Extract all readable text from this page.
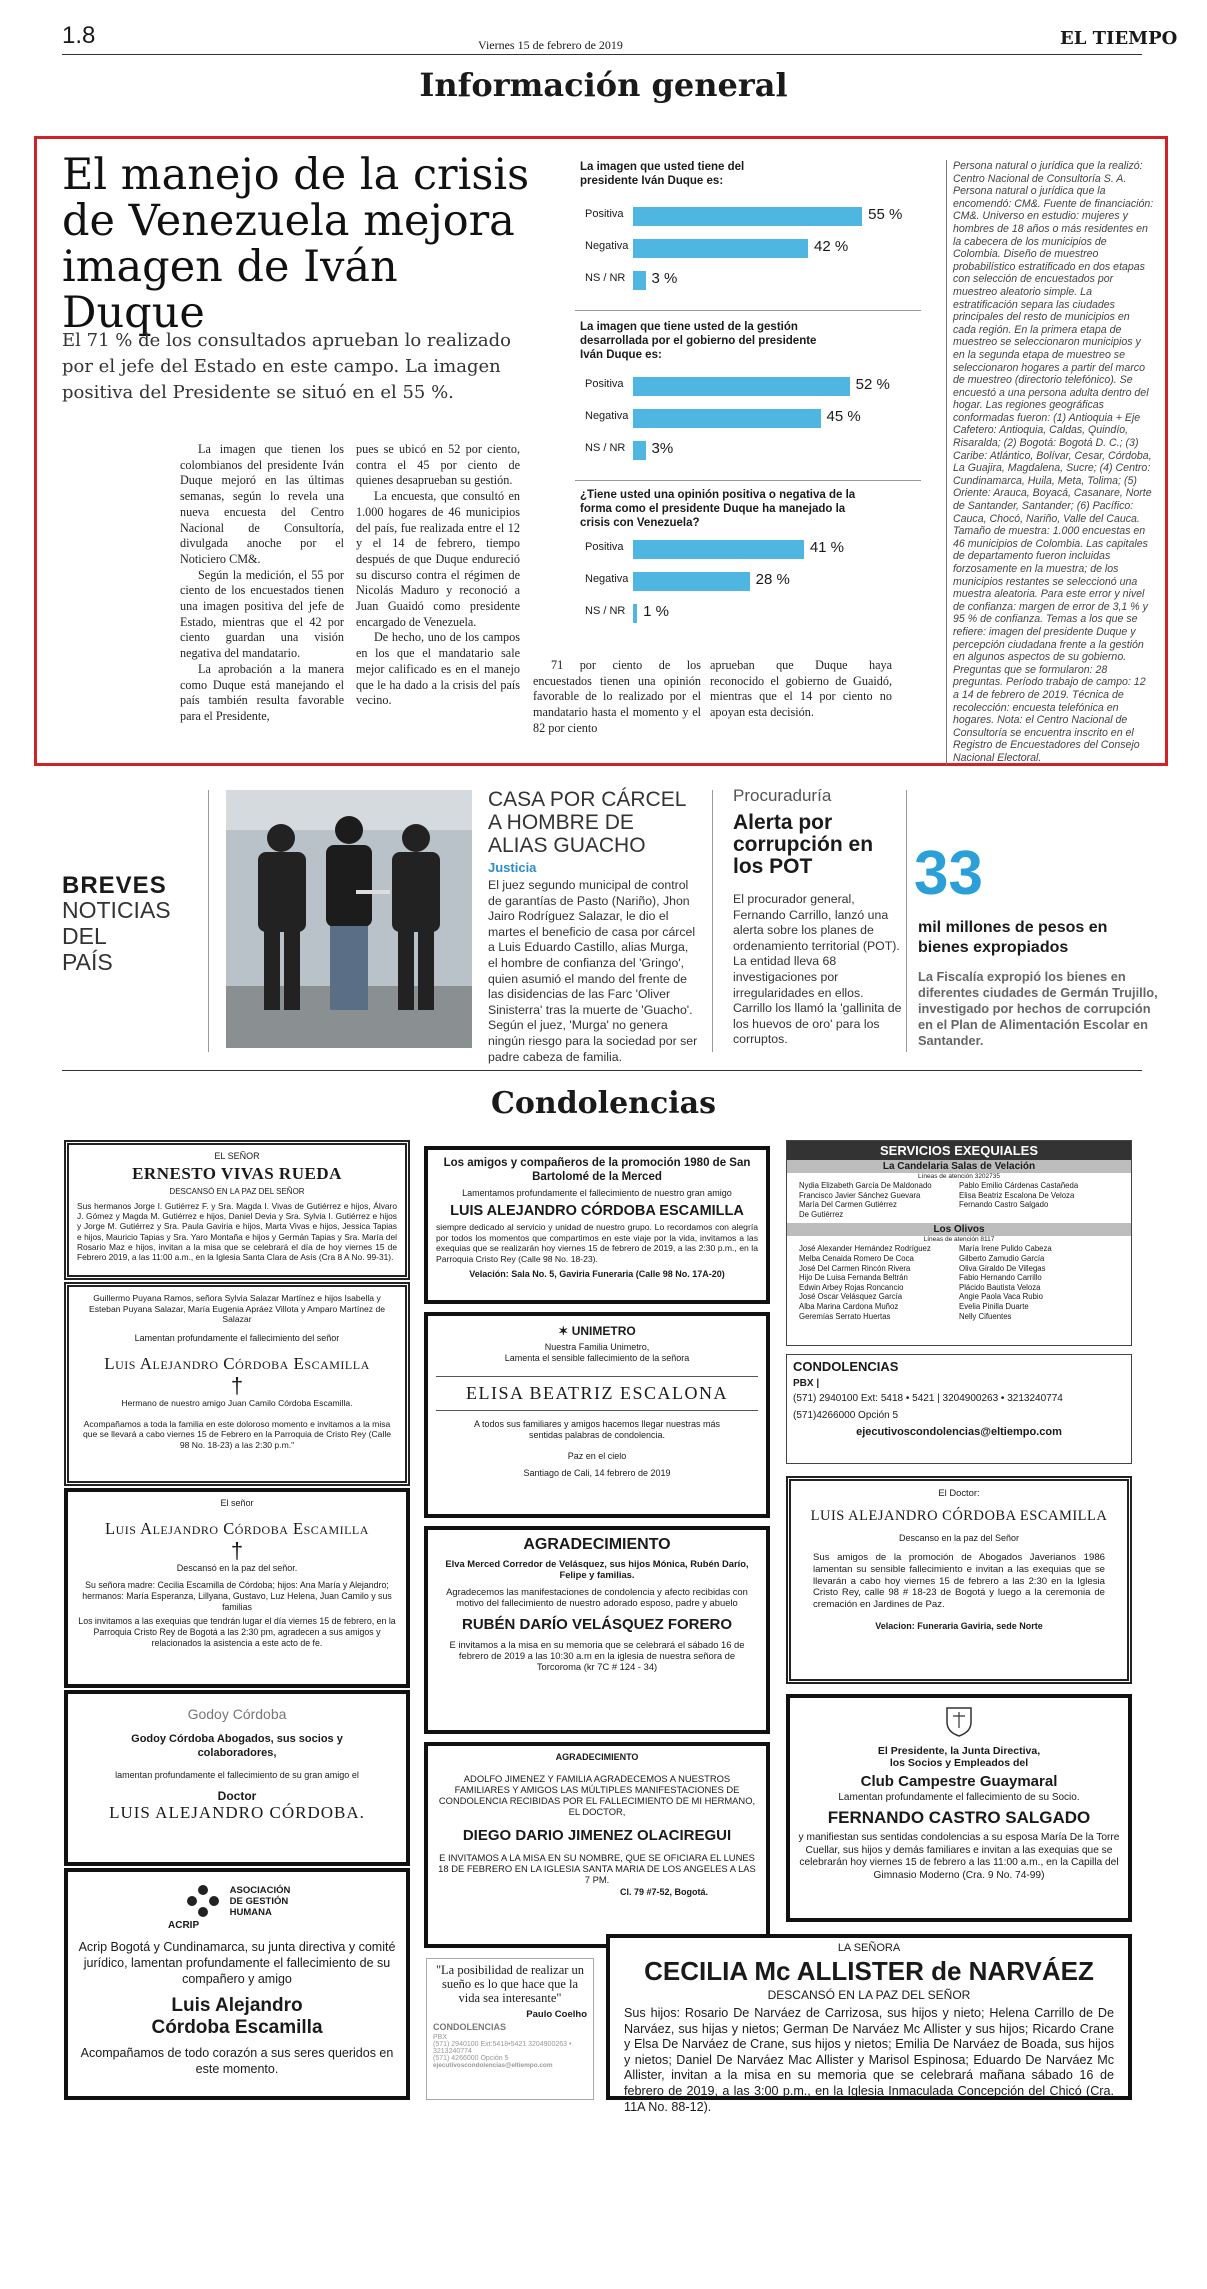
1.8	Viernes 15 de febrero de 2019	EL TIEMPO
Información general
El manejo de la crisis de Venezuela mejora imagen de Iván Duque
El 71 % de los consultados aprueban lo realizado por el jefe del Estado en este campo. La imagen positiva del Presidente se situó en el 55 %.

La imagen que tienen los colombianos del presidente Iván Duque mejoró en las últimas semanas, según lo revela una nueva encuesta del Centro Nacional de Consultoría, divulgada anoche por el Noticiero CM&.

Según la medición, el 55 por ciento de los encuestados tienen una imagen positiva del jefe de Estado, mientras que el 42 por ciento guardan una visión negativa del mandatario.

La aprobación a la manera como Duque está manejando el país también resulta favorable para el Presidente,

pues se ubicó en 52 por ciento, contra el 45 por ciento de quienes desaprueban su gestión.

La encuesta, que consultó en 1.000 hogares de 46 municipios del país, fue realizada entre el 12 y el 14 de febrero, tiempo después de que Duque endureció su discurso contra el régimen de Nicolás Maduro y reconoció a Juan Guaidó como presidente encargado de Venezuela.

De hecho, uno de los campos en los que el mandatario sale mejor calificado es en el manejo que le ha dado a la crisis del país vecino.

71 por ciento de los encuestados tienen una opinión favorable de lo realizado por el mandatario hasta el momento y el 82 por ciento

aprueban que Duque haya reconocido el gobierno de Guaidó, mientras que el 14 por ciento no apoyan esta decisión.

La imagen que usted tiene del presidente Iván Duque es:
Positiva	55 %
Negativa	42 %
NS / NR 3 %
La imagen que tiene usted de la gestión desarrollada por el gobierno del presidente Iván Duque es:
Positiva	52 %
Negativa	45 %
NS / NR 3%
¿Tiene usted una opinión positiva o negativa de la forma como el presidente Duque ha manejado la crisis con Venezuela?
Positiva	41 %
Negativa	28 %
NS / NR 1 %
Persona natural o jurídica que la realizó: Centro Nacional de Consultoría S. A. Persona natural o jurídica que la encomendó: CM&. Fuente de financiación: CM&. Universo en estudio: mujeres y hombres de 18 años o más residentes en la cabecera de los municipios de Colombia. Diseño de muestreo probabilístico estratificado en dos etapas con selección de encuestados por muestreo aleatorio simple. La estratificación separa las ciudades principales del resto de municipios en cada región. En la primera etapa de muestreo se seleccionaron municipios y en la segunda etapa de muestreo se seleccionaron hogares a partir del marco de muestreo (directorio telefónico). Se encuestó a una persona adulta dentro del hogar. Las regiones geográficas conformadas fueron: (1) Antioquia + Eje Cafetero: Antioquia, Caldas, Quindío, Risaralda; (2) Bogotá: Bogotá D. C.; (3) Caribe: Atlántico, Bolívar, Cesar, Córdoba, La Guajira, Magdalena, Sucre; (4) Centro: Cundinamarca, Huila, Meta, Tolima; (5) Oriente: Arauca, Boyacá, Casanare, Norte de Santander, Santander; (6) Pacífico: Cauca, Chocó, Nariño, Valle del Cauca. Tamaño de muestra: 1.000 encuestas en 46 municipios de Colombia. Las capitales de departamento fueron incluidas forzosamente en la muestra; de los municipios restantes se seleccionó una muestra aleatoria. Para este error y nivel de confianza: margen de error de 3,1 % y 95 % de confianza. Temas a los que se refiere: imagen del presidente Duque y percepción ciudadana frente a la gestión en algunos aspectos de su gobierno. Preguntas que se formularon: 28 preguntas. Período trabajo de campo: 12 a 14 de febrero de 2019. Técnica de recolección: encuesta telefónica en hogares. Nota: el Centro Nacional de Consultoría se encuentra inscrito en el Registro de Encuestadores del Consejo Nacional Electoral.
BREVES
NOTICIAS DEL PAÍS
CASA POR CÁRCEL A HOMBRE DE ALIAS GUACHO
Justicia
El juez segundo municipal de control de garantías de Pasto (Nariño), Jhon Jairo Rodríguez Salazar, le dio el martes el beneficio de casa por cárcel a Luis Eduardo Castillo, alias Murga, el hombre de confianza del 'Gringo', quien asumió el mando del frente de las disidencias de las Farc 'Oliver Sinisterra' tras la muerte de 'Guacho'. Según el juez, 'Murga' no genera ningún riesgo para la sociedad por ser padre cabeza de familia.
Procuraduría
Alerta por corrupción en los POT
El procurador general, Fernando Carrillo, lanzó una alerta sobre los planes de ordenamiento territorial (POT). La entidad lleva 68 investigaciones por irregularidades en ellos. Carrillo los llamó la 'gallinita de los huevos de oro' para los corruptos.
33
mil millones de pesos en bienes expropiados
La Fiscalía expropió los bienes en diferentes ciudades de Germán Trujillo, investigado por hechos de corrupción en el Plan de Alimentación Escolar en Santander.
Condolencias
EL SEÑOR
ERNESTO VIVAS RUEDA
DESCANSÓ EN LA PAZ DEL SEÑOR
Sus hermanos Jorge I. Gutiérrez F. y Sra. Magda I. Vivas de Gutiérrez e hijos, Álvaro J. Gómez y Magda M. Gutiérrez e hijos, Daniel Devia y Sra. Sylvia I. Gutiérrez e hijos y Jorge M. Gutiérrez y Sra. Paula Gaviria e hijos, Marta Vivas e hijos, Jessica Tapias e hijos, Mauricio Tapias y Sra. Yaro Montaña e hijos y Germán Tapias y Sra. María del Rosario Maz e hijos, invitan a la misa que se celebrará el día de hoy viernes 15 de Febrero 2019, a las 11:00 a.m., en la Iglesia Santa Clara de Asís (Cra 8 A No. 99-31).
Guillermo Puyana Ramos, señora Sylvia Salazar Martínez e hijos Isabella y Esteban Puyana Salazar, María Eugenia Apráez Villota y Amparo Martínez de Salazar
Lamentan profundamente el fallecimiento del señor
Luis Alejandro Córdoba Escamilla
†
Hermano de nuestro amigo Juan Camilo Córdoba Escamilla.
Acompañamos a toda la familia en este doloroso momento e invitamos a la misa que se llevará a cabo viernes 15 de Febrero en la Parroquia de Cristo Rey (Calle 98 No. 18-23) a las 2:30 p.m."
El señor
Luis Alejandro Córdoba Escamilla
†
Descansó en la paz del señor.
Su señora madre: Cecilia Escamilla de Córdoba; hijos: Ana María y Alejandro; hermanos: María Esperanza, Lillyana, Gustavo, Luz Helena, Juan Camilo y sus familias
Los invitamos a las exequias que tendrán lugar el día viernes 15 de febrero, en la Parroquia Cristo Rey de Bogotá a las 2:30 pm, agradecen a sus amigos y relacionados la asistencia a este acto de fe.
Godoy Córdoba
Godoy Córdoba Abogados, sus socios y colaboradores,
lamentan profundamente el fallecimiento de su gran amigo el
Doctor
LUIS ALEJANDRO CÓRDOBA.
ASOCIACIÓN
DE GESTIÓN
HUMANA
ACRIP
Acrip Bogotá y Cundinamarca, su junta directiva y comité jurídico, lamentan profundamente el fallecimiento de su compañero y amigo
Luis Alejandro
Córdoba Escamilla
Acompañamos de todo corazón a sus seres queridos en este momento.
Los amigos y compañeros de la promoción 1980 de San Bartolomé de la Merced
Lamentamos profundamente el fallecimiento de nuestro gran amigo
LUIS ALEJANDRO CÓRDOBA ESCAMILLA
siempre dedicado al servicio y unidad de nuestro grupo. Lo recordamos con alegría por todos los momentos que compartimos en este viaje por la vida, invitamos a las exequias que se realizarán hoy viernes 15 de febrero de 2019, a las 2:30 p.m., en la Parroquia Cristo Rey (Calle 98 No. 18-23).
Velación: Sala No. 5, Gaviria Funeraria (Calle 98 No. 17A-20)
✶ UNIMETRO
Nuestra Familia Unimetro,
Lamenta el sensible fallecimiento de la señora
ELISA BEATRIZ ESCALONA
A todos sus familiares y amigos hacemos llegar nuestras más sentidas palabras de condolencia.
Paz en el cielo
Santiago de Cali, 14 febrero de 2019
AGRADECIMIENTO
Elva Merced Corredor de Velásquez, sus hijos Mónica, Rubén Darío, Felipe y familias.
Agradecemos las manifestaciones de condolencia y afecto recibidas con motivo del fallecimiento de nuestro adorado esposo, padre y abuelo
RUBÉN DARÍO VELÁSQUEZ FORERO
E invitamos a la misa en su memoria que se celebrará el sábado 16 de febrero de 2019 a las 10:30 a.m en la iglesia de nuestra señora de Torcoroma (kr 7C # 124 - 34)
AGRADECIMIENTO
ADOLFO JIMENEZ Y FAMILIA AGRADECEMOS A NUESTROS FAMILIARES Y AMIGOS LAS MÚLTIPLES MANIFESTACIONES DE CONDOLENCIA RECIBIDAS POR EL FALLECIMIENTO DE MI HERMANO, EL DOCTOR,
DIEGO DARIO JIMENEZ OLACIREGUI
E INVITAMOS A LA MISA EN SU NOMBRE, QUE SE OFICIARA EL LUNES 18 DE FEBRERO EN LA IGLESIA SANTA MARIA DE LOS ANGELES A LAS 7 PM.
Cl. 79 #7-52, Bogotá.
"La posibilidad de realizar un sueño es lo que hace que la vida sea interesante"
Paulo Coelho
CONDOLENCIAS
PBX
(571) 2940100 Ext:5418•5421 3204900263 • 3213240774
(571) 4266000 Opción 5
ejecutivoscondolencias@eltiempo.com
SERVICIOS EXEQUIALES
La Candelaria Salas de Velación
Líneas de atención 3202735
Nydia Elizabeth García De Maldonado
Francisco Javier Sánchez Guevara
María Del Carmen Gutiérrez
De Gutiérrez
Pablo Emilio Cárdenas Castañeda
Elisa Beatriz Escalona De Veloza
Fernando Castro Salgado
Los Olivos
Líneas de atención 8117
José Alexander Hernández Rodríguez
Melba Cenaida Romero De Coca
José Del Carmen Rincón Rivera
Hijo De Luisa Fernanda Beltrán
Edwin Arbey Rojas Roncancio
José Oscar Velásquez García
Alba Marina Cardona Muñoz
Geremías Serrato Huertas
María Irene Pulido Cabeza
Gilberto Zamudio García
Oliva Giraldo De Villegas
Fabio Hernando Carrillo
Plácido Bautista Veloza
Angie Paola Vaca Rubio
Evelia Pinilla Duarte
Nelly Cifuentes
CONDOLENCIAS
PBX |
(571) 2940100 Ext: 5418 • 5421 | 3204900263 • 3213240774
(571)4266000 Opción 5
ejecutivoscondolencias@eltiempo.com
El Doctor:
LUIS ALEJANDRO CÓRDOBA ESCAMILLA
Descanso en la paz del Señor
Sus amigos de la promoción de Abogados Javerianos 1986 lamentan su sensible fallecimiento e invitan a las exequias que se llevarán a cabo hoy viernes 15 de febrero a las 2:30 en la Iglesia Cristo Rey, calle 98 # 18-23 de Bogotá y luego a la ceremonia de cremación en Jardines de Paz.
Velacion: Funeraria Gaviria, sede Norte
El Presidente, la Junta Directiva,
los Socios y Empleados del
Club Campestre Guaymaral
Lamentan profundamente el fallecimiento de su Socio.
FERNANDO CASTRO SALGADO
y manifiestan sus sentidas condolencias a su esposa María De la Torre Cuellar, sus hijos y demás familiares e invitan a las exequias que se celebrarán hoy viernes 15 de febrero a las 11:00 a.m., en la Capilla del Gimnasio Moderno (Cra. 9 No. 74-99)
LA SEÑORA
CECILIA Mc ALLISTER de NARVÁEZ
DESCANSÓ EN LA PAZ DEL SEÑOR
Sus hijos: Rosario De Narváez de Carrizosa, sus hijos y nieto; Helena Carrillo de De Narváez, sus hijas y nietos; German De Narváez Mc Allister y sus hijos; Ricardo Crane y Elsa De Narváez de Crane, sus hijos y nietos; Emilia De Narváez de Boada, sus hijos y nietos; Daniel De Narváez Mac Allister y Marisol Espinosa; Eduardo De Narváez Mc Allister, invitan a la misa en su memoria que se celebrará mañana sábado 16 de febrero de 2019, a las 3:00 p.m., en la Iglesia Inmaculada Concepción del Chicó (Cra. 11A No. 88-12).
